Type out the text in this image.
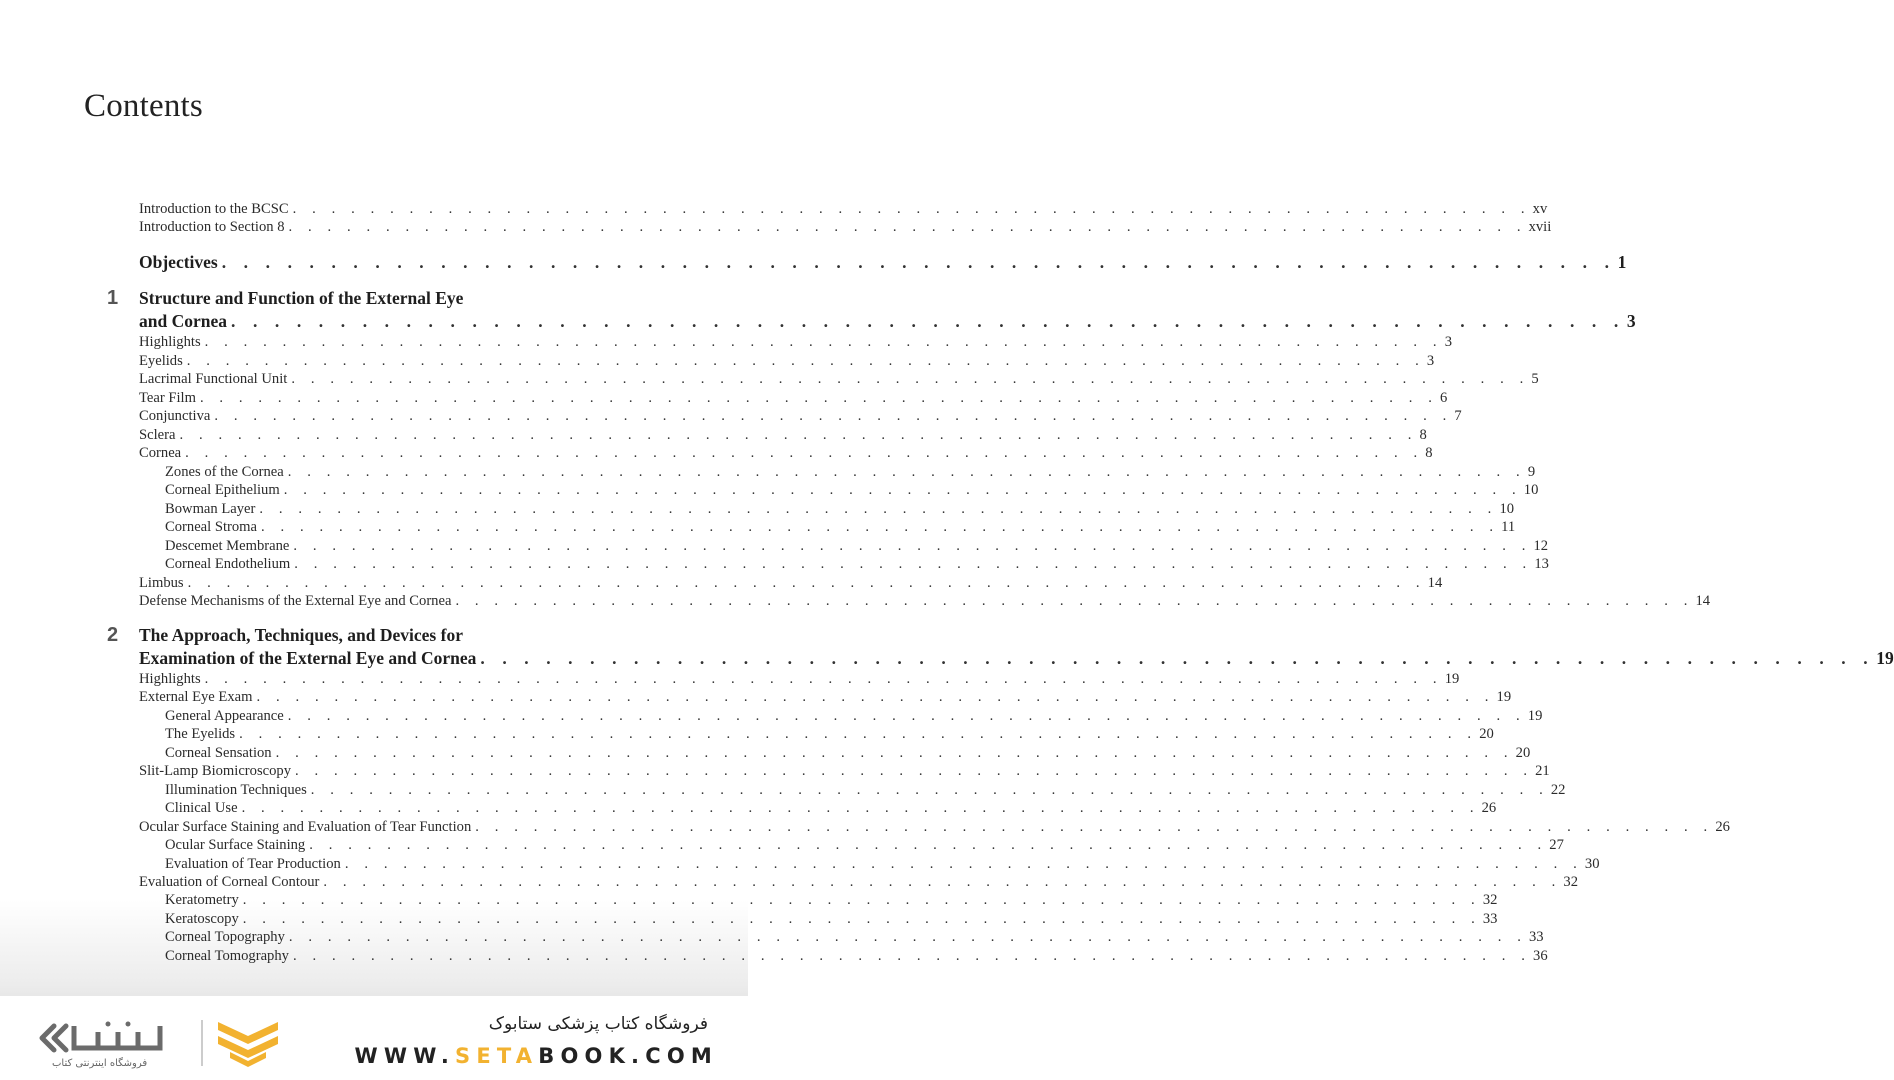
Contents
Introduction to the BCSC . . . . . . . . . . . . . . . . . . . . . . . . . . . . . . . . . . . . . . . . . . . . . . . . . . . . . . . . . . . . . . . . xv
Introduction to Section 8 . . . . . . . . . . . . . . . . . . . . . . . . . . . . . . . . . . . . . . . . . . . . . . . . . . . . . . . . . . . . . . . . xvii
Objectives . . . . . . . . . . . . . . . . . . . . . . . . . . . . . . . . . . . . . . . . . . . . . . . . . . . . . . . . . . . . . . . . 1
1 Structure and Function of the External Eye
and Cornea . . . . . . . . . . . . . . . . . . . . . . . . . . . . . . . . . . . . . . . . . . . . . . . . . . . . . . . . . . . . . . . . 3
Highlights . . . . . . . . . . . . . . . . . . . . . . . . . . . . . . . . . . . . . . . . . . . . . . . . . . . . . . . . . . . . . . . . 3
Eyelids . . . . . . . . . . . . . . . . . . . . . . . . . . . . . . . . . . . . . . . . . . . . . . . . . . . . . . . . . . . . . . . . 3
Lacrimal Functional Unit . . . . . . . . . . . . . . . . . . . . . . . . . . . . . . . . . . . . . . . . . . . . . . . . . . . . . . . . . . . . . . . . 5
Tear Film . . . . . . . . . . . . . . . . . . . . . . . . . . . . . . . . . . . . . . . . . . . . . . . . . . . . . . . . . . . . . . . . 6
Conjunctiva . . . . . . . . . . . . . . . . . . . . . . . . . . . . . . . . . . . . . . . . . . . . . . . . . . . . . . . . . . . . . . . . 7
Sclera . . . . . . . . . . . . . . . . . . . . . . . . . . . . . . . . . . . . . . . . . . . . . . . . . . . . . . . . . . . . . . . . 8
Cornea . . . . . . . . . . . . . . . . . . . . . . . . . . . . . . . . . . . . . . . . . . . . . . . . . . . . . . . . . . . . . . . . 8
Zones of the Cornea . . . . . . . . . . . . . . . . . . . . . . . . . . . . . . . . . . . . . . . . . . . . . . . . . . . . . . . . . . . . . . . . 9
Corneal Epithelium . . . . . . . . . . . . . . . . . . . . . . . . . . . . . . . . . . . . . . . . . . . . . . . . . . . . . . . . . . . . . . . . 10
Bowman Layer . . . . . . . . . . . . . . . . . . . . . . . . . . . . . . . . . . . . . . . . . . . . . . . . . . . . . . . . . . . . . . . . 10
Corneal Stroma . . . . . . . . . . . . . . . . . . . . . . . . . . . . . . . . . . . . . . . . . . . . . . . . . . . . . . . . . . . . . . . . 11
Descemet Membrane . . . . . . . . . . . . . . . . . . . . . . . . . . . . . . . . . . . . . . . . . . . . . . . . . . . . . . . . . . . . . . . . 12
Corneal Endothelium . . . . . . . . . . . . . . . . . . . . . . . . . . . . . . . . . . . . . . . . . . . . . . . . . . . . . . . . . . . . . . . . 13
Limbus . . . . . . . . . . . . . . . . . . . . . . . . . . . . . . . . . . . . . . . . . . . . . . . . . . . . . . . . . . . . . . . . 14
Defense Mechanisms of the External Eye and Cornea . . . . . . . . . . . . . . . . . . . . . . . . . . . . . . . . . . . . . . . . . . . . . . . . . . . . . . . . . . . . . . . . 14
2 The Approach, Techniques, and Devices for
Examination of the External Eye and Cornea . . . . . . . . . . . . . . . . . . . . . . . . . . . . . . . . . . . . . . . . . . . . . . . . . . . . . . . . . . . . . . . . 19
Highlights . . . . . . . . . . . . . . . . . . . . . . . . . . . . . . . . . . . . . . . . . . . . . . . . . . . . . . . . . . . . . . . . 19
External Eye Exam . . . . . . . . . . . . . . . . . . . . . . . . . . . . . . . . . . . . . . . . . . . . . . . . . . . . . . . . . . . . . . . . 19
General Appearance . . . . . . . . . . . . . . . . . . . . . . . . . . . . . . . . . . . . . . . . . . . . . . . . . . . . . . . . . . . . . . . . 19
The Eyelids . . . . . . . . . . . . . . . . . . . . . . . . . . . . . . . . . . . . . . . . . . . . . . . . . . . . . . . . . . . . . . . . 20
Corneal Sensation . . . . . . . . . . . . . . . . . . . . . . . . . . . . . . . . . . . . . . . . . . . . . . . . . . . . . . . . . . . . . . . . 20
Slit-Lamp Biomicroscopy . . . . . . . . . . . . . . . . . . . . . . . . . . . . . . . . . . . . . . . . . . . . . . . . . . . . . . . . . . . . . . . . 21
Illumination Techniques . . . . . . . . . . . . . . . . . . . . . . . . . . . . . . . . . . . . . . . . . . . . . . . . . . . . . . . . . . . . . . . . 22
Clinical Use . . . . . . . . . . . . . . . . . . . . . . . . . . . . . . . . . . . . . . . . . . . . . . . . . . . . . . . . . . . . . . . . 26
Ocular Surface Staining and Evaluation of Tear Function . . . . . . . . . . . . . . . . . . . . . . . . . . . . . . . . . . . . . . . . . . . . . . . . . . . . . . . . . . . . . . . . 26
Ocular Surface Staining . . . . . . . . . . . . . . . . . . . . . . . . . . . . . . . . . . . . . . . . . . . . . . . . . . . . . . . . . . . . . . . . 27
Evaluation of Tear Production . . . . . . . . . . . . . . . . . . . . . . . . . . . . . . . . . . . . . . . . . . . . . . . . . . . . . . . . . . . . . . . . 30
Evaluation of Corneal Contour . . . . . . . . . . . . . . . . . . . . . . . . . . . . . . . . . . . . . . . . . . . . . . . . . . . . . . . . . . . . . . . . 32
Keratometry . . . . . . . . . . . . . . . . . . . . . . . . . . . . . . . . . . . . . . . . . . . . . . . . . . . . . . . . . . . . . . . . 32
Keratoscopy . . . . . . . . . . . . . . . . . . . . . . . . . . . . . . . . . . . . . . . . . . . . . . . . . . . . . . . . . . . . . . . . 33
Corneal Topography . . . . . . . . . . . . . . . . . . . . . . . . . . . . . . . . . . . . . . . . . . . . . . . . . . . . . . . . . . . . . . . . 33
Corneal Tomography . . . . . . . . . . . . . . . . . . . . . . . . . . . . . . . . . . . . . . . . . . . . . . . . . . . . . . . . . . . . . . . . 36
فروشگاه اینترنتی کتاب
فروشگاه کتاب پزشکی ستابوک
WWW.SETABOOK.COM
